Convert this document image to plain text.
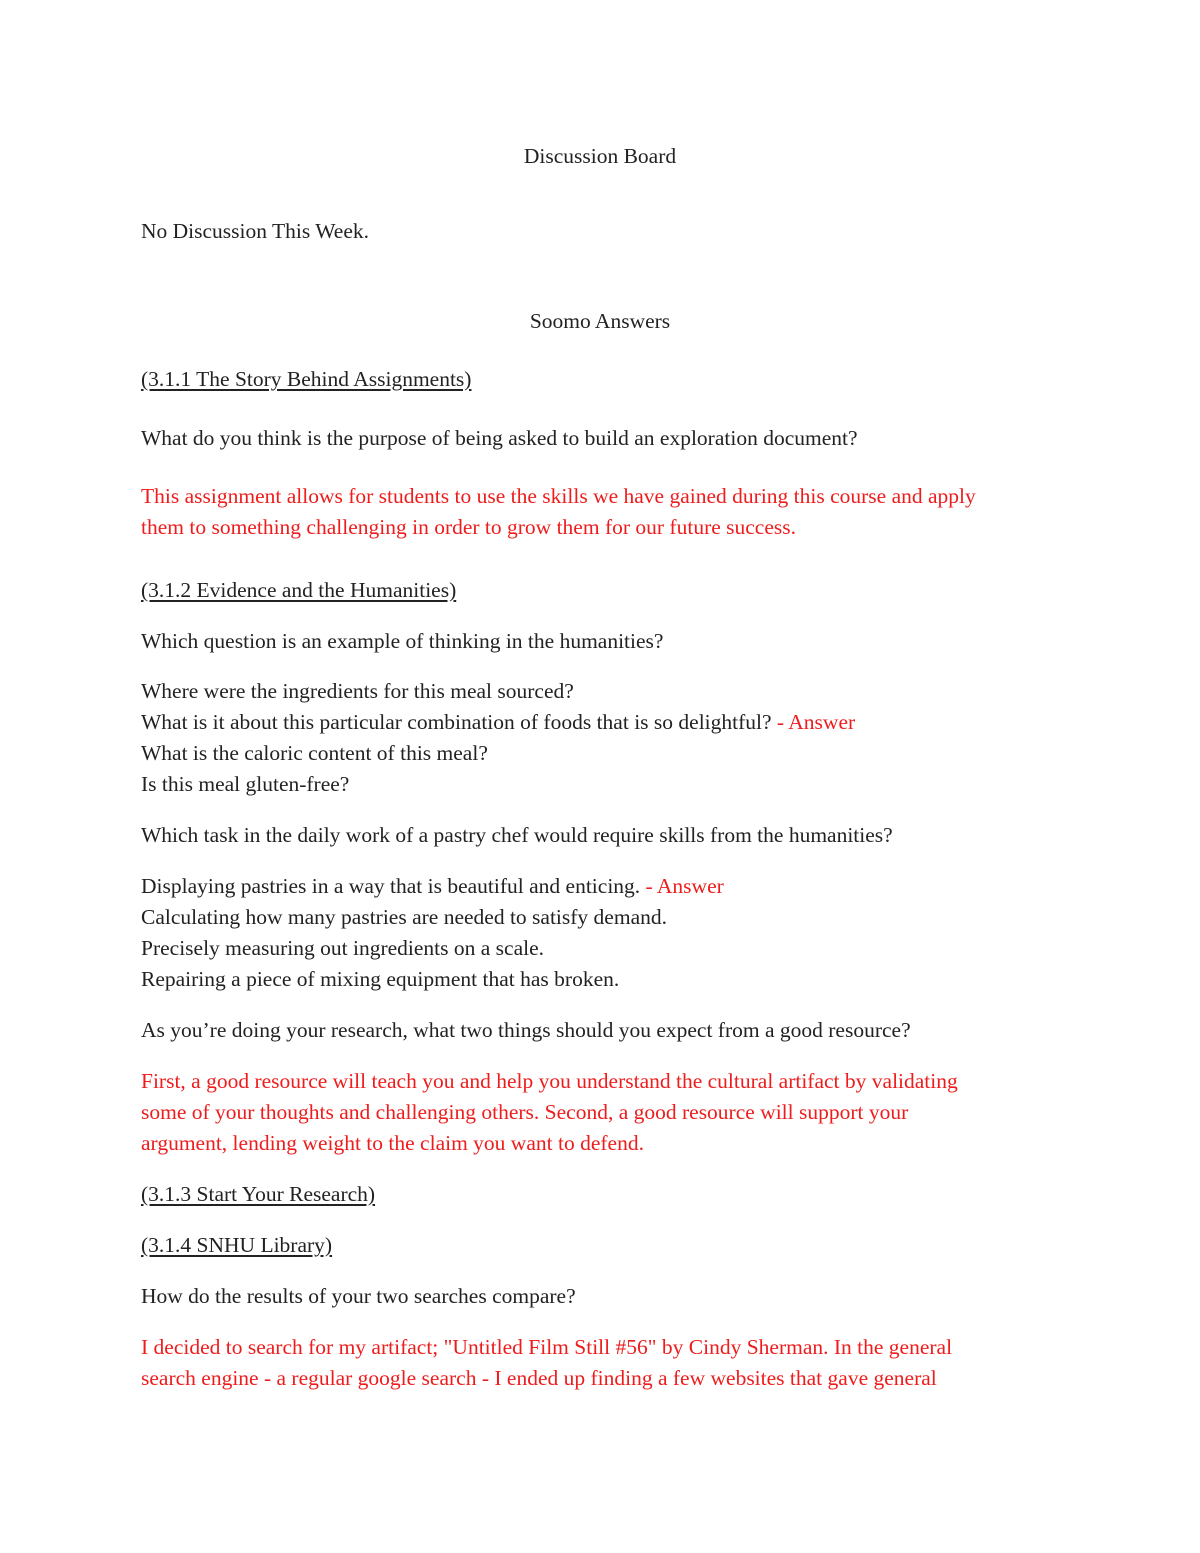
Discussion Board
No Discussion This Week.
Soomo Answers
(3.1.1 The Story Behind Assignments)
What do you think is the purpose of being asked to build an exploration document?
This assignment allows for students to use the skills we have gained during this course and apply
them to something challenging in order to grow them for our future success.
(3.1.2 Evidence and the Humanities)
Which question is an example of thinking in the humanities?
Where were the ingredients for this meal sourced?
What is it about this particular combination of foods that is so delightful? - Answer
What is the caloric content of this meal?
Is this meal gluten-free?
Which task in the daily work of a pastry chef would require skills from the humanities?
Displaying pastries in a way that is beautiful and enticing. - Answer
Calculating how many pastries are needed to satisfy demand.
Precisely measuring out ingredients on a scale.
Repairing a piece of mixing equipment that has broken.
As you’re doing your research, what two things should you expect from a good resource?
First, a good resource will teach you and help you understand the cultural artifact by validating
some of your thoughts and challenging others. Second, a good resource will support your
argument, lending weight to the claim you want to defend.
(3.1.3 Start Your Research)
(3.1.4 SNHU Library)
How do the results of your two searches compare?
I decided to search for my artifact; "Untitled Film Still #56" by Cindy Sherman. In the general
search engine - a regular google search - I ended up finding a few websites that gave general
